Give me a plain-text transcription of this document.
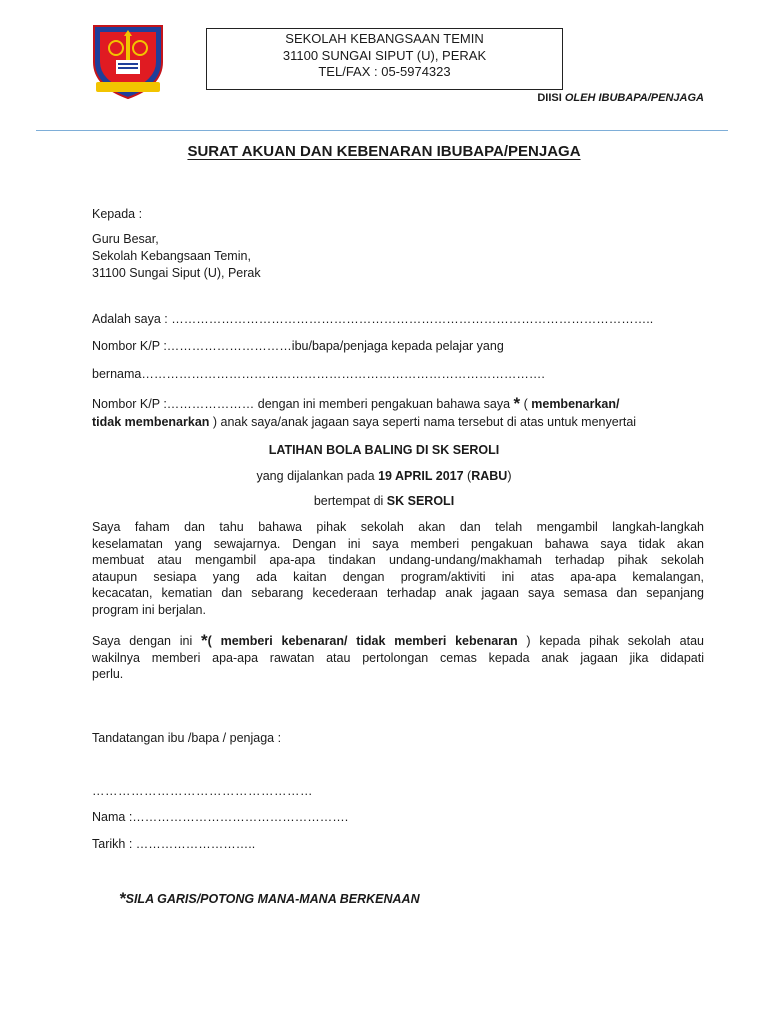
SEKOLAH KEBANGSAAN TEMIN
31100 SUNGAI SIPUT (U), PERAK
TEL/FAX : 05-5974323
DIISI OLEH IBUBAPA/PENJAGA
SURAT AKUAN DAN KEBENARAN IBUBAPA/PENJAGA
Kepada :
Guru Besar,
Sekolah Kebangsaan Temin,
31100 Sungai Siput (U), Perak
Adalah saya : ……………………………………………………………………………………………………..
Nombor K/P :…………………………ibu/bapa/penjaga kepada pelajar yang
bernama…………………………………………………………………………………….
Nombor K/P :………………… dengan ini memberi pengakuan bahawa saya * ( membenarkan/
tidak membenarkan ) anak saya/anak jagaan saya seperti nama tersebut di atas untuk menyertai
LATIHAN BOLA BALING DI SK SEROLI
yang dijalankan pada 19 APRIL 2017 (RABU)
bertempat di SK SEROLI
Saya faham dan tahu bahawa pihak sekolah akan dan telah mengambil langkah-langkah
keselamatan yang sewajarnya. Dengan ini saya memberi pengakuan bahawa saya tidak akan
membuat atau mengambil apa-apa tindakan undang-undang/makhamah terhadap pihak sekolah
ataupun sesiapa yang ada kaitan dengan program/aktiviti ini atas apa-apa kemalangan,
kecacatan, kematian dan sebarang kecederaan terhadap anak jagaan saya semasa dan sepanjang
program ini berjalan.
Saya dengan ini *( memberi kebenaran/ tidak memberi kebenaran ) kepada pihak sekolah atau
wakilnya memberi apa-apa rawatan atau pertolongan cemas kepada anak jagaan jika didapati
perlu.
Tandatangan ibu /bapa / penjaga :
……………………………………………
Nama :…………………………………………….
Tarikh : ………………………..
*SILA GARIS/POTONG MANA-MANA BERKENAAN
